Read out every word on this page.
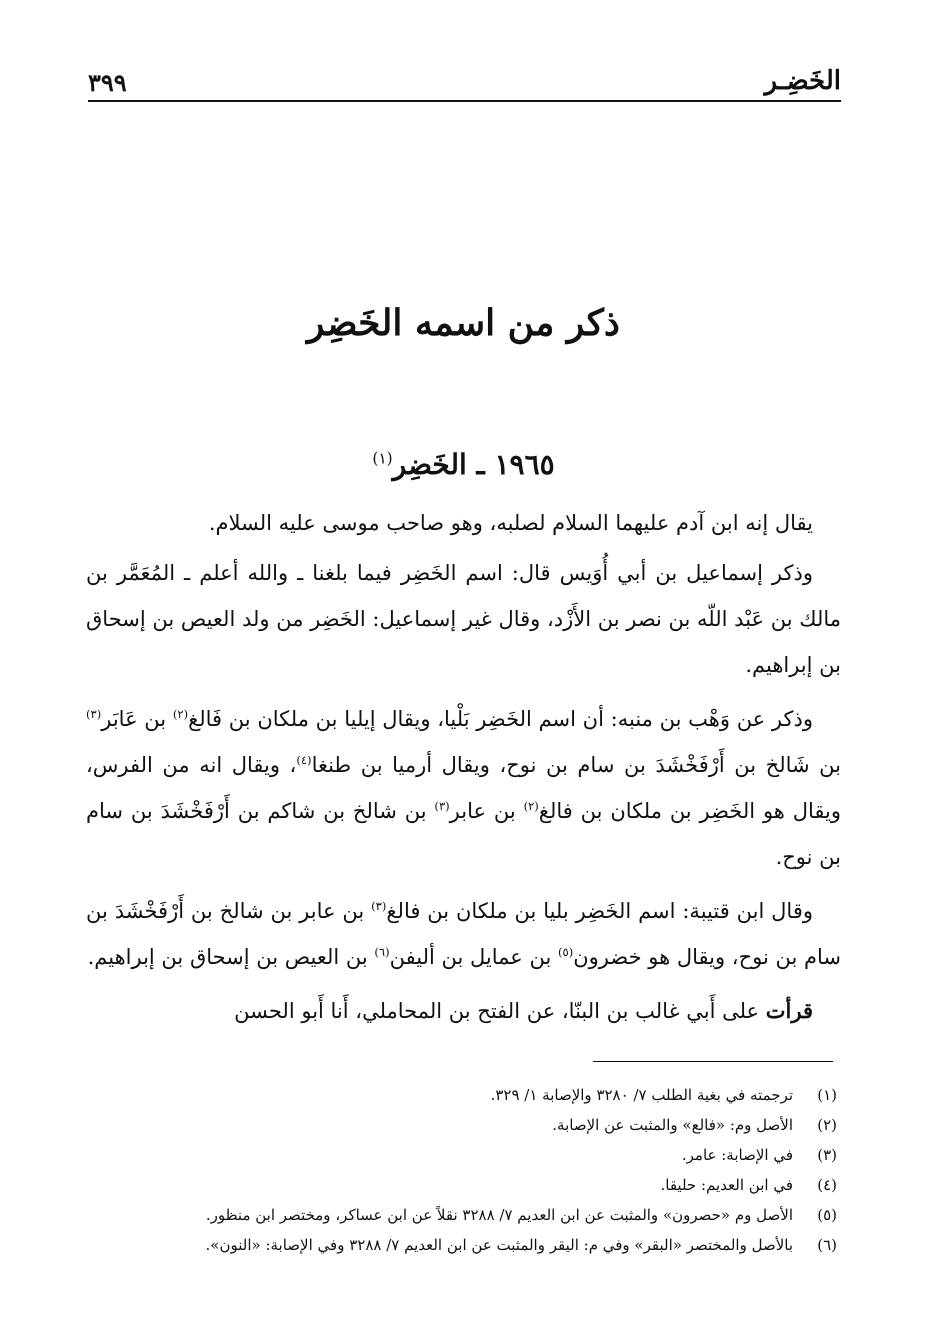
الخَضِـر
٣٩٩
ذكر من اسمه الخَضِر
١٩٦٥ ـ الخَضِر$^{(١)}$

يقال إنه ابن آدم عليهما السلام لصلبه، وهو صاحب موسى عليه السلام.

وذكر إسماعيل بن أبي أُوَيس قال: اسم الخَضِر فيما بلغنا ـ والله أعلم ـ المُعَمَّر بن مالك بن عَبْد اللّه بن نصر بن الأَزْد، وقال غير إسماعيل: الخَضِر من ولد العيص بن إسحاق بن إبراهيم.

وذكر عن وَهْب بن منبه: أن اسم الخَضِر بَلْيا، ويقال إيليا بن ملكان بن فَالغ$^{(٢)}$ بن عَابَر$^{(٣)}$ بن شَالخ بن أَرْفَخْشَدَ بن سام بن نوح، ويقال أرميا بن طنغا$^{(٤)}$، ويقال انه من الفرس، ويقال هو الخَضِر بن ملكان بن فالغ$^{(٢)}$ بن عابر$^{(٣)}$ بن شالخ بن شاكم بن أَرْفَخْشَدَ بن سام بن نوح.

وقال ابن قتيبة: اسم الخَضِر بليا بن ملكان بن فالغ$^{(٣)}$ بن عابر بن شالخ بن أَرْفَخْشَدَ بن سام بن نوح، ويقال هو خضرون$^{(٥)}$ بن عمايل بن أليفن$^{(٦)}$ بن العيص بن إسحاق بن إبراهيم.

قرأت على أَبي غالب بن البنّا، عن الفتح بن المحاملي، أَنا أَبو الحسن

(١)
ترجمته في بغية الطلب ٧/ ٣٢٨٠ والإصابة ١/ ٣٢٩.
(٢)
الأصل وم: «فالع» والمثبت عن الإصابة.
(٣)
في الإصابة: عامر.
(٤)
في ابن العديم: حليقا.
(٥)
الأصل وم «حصرون» والمثبت عن ابن العديم ٧/ ٣٢٨٨ نقلاً عن ابن عساكر، ومختصر ابن منظور.
(٦)
بالأصل والمختصر «البقر» وفي م: اليقر والمثبت عن ابن العديم ٧/ ٣٢٨٨ وفي الإصابة: «النون».
